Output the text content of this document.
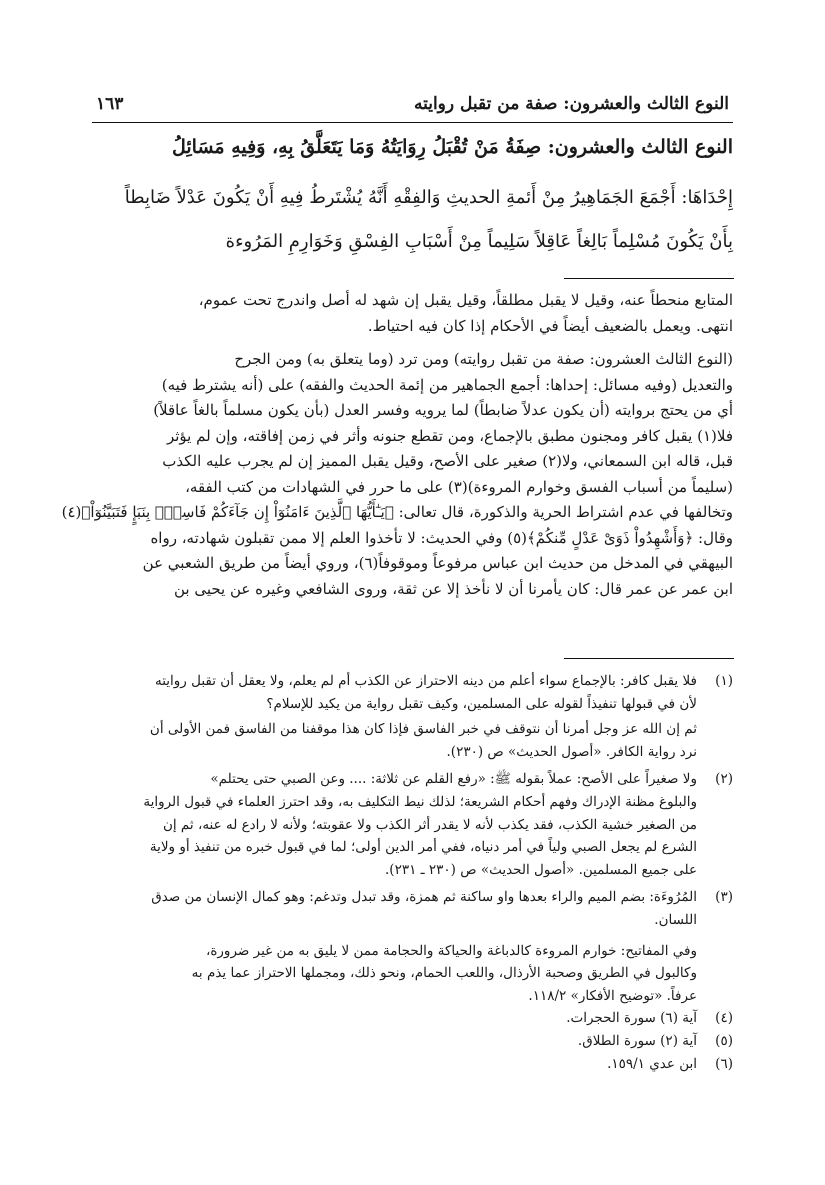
النوع الثالث والعشرون: صفة من تقبل روايته
١٦٣
النوع الثالث والعشرون: صِفَةُ مَنْ تُقْبَلُ رِوَايَتُهُ وَمَا يَتَعَلَّقُ بِهِ، وَفِيهِ مَسَائِلُ

إِحْدَاهَا: أَجْمَعَ الجَمَاهِيرُ مِنْ أَئمةِ الحديثِ وَالفِقْهِ أَنَّهُ يُشْتَرطُ فِيهِ أَنْ يَكُونَ عَدْلاً ضَابِطاً

بِأَنْ يَكُونَ مُسْلِماً بَالِغاً عَاقِلاً سَلِيماً مِنْ أَسْبَابِ الفِسْقِ وَخَوَارِمِ المَرُوءة

المتابع منحطاً عنه، وقيل لا يقبل مطلقاً، وقيل يقبل إن شهد له أصل واندرج تحت عموم،

انتهى. ويعمل بالضعيف أيضاً في الأحكام إذا كان فيه احتياط.

(النوع الثالث العشرون: صفة من تقبل روايته) ومن ترد (وما يتعلق به) ومن الجرح

والتعديل (وفيه مسائل: إحداها: أجمع الجماهير من إئمة الحديث والفقه) على (أنه يشترط فيه)

أي من يحتج بروايته (أن يكون عدلاً ضابطاً) لما يرويه وفسر العدل (بأن يكون مسلماً بالغاً عاقلاً)

فلا(١) يقبل كافر ومجنون مطبق بالإجماع، ومن تقطع جنونه وأثر في زمن إفاقته، وإن لم يؤثر

قبل، قاله ابن السمعاني، ولا(٢) صغير على الأصح، وقيل يقبل المميز إن لم يجرب عليه الكذب

(سليماً من أسباب الفسق وخوارم المروءة)(٣) على ما حرر في الشهادات من كتب الفقه،

وتخالفها في عدم اشتراط الحرية والذكورة، قال تعالى: ﴿يَـٰٓأَيُّهَا ٱلَّذِينَ ءَامَنُوٓاْ إِن جَآءَكُمْ فَاسِقُۢ بِنَبَإٍ فَتَبَيَّنُوٓاْ﴾(٤)

وقال: ﴿وَأَشْهِدُواْ ذَوَىْ عَدْلٍ مِّنكُمْ﴾(٥) وفي الحديث: لا تأخذوا العلم إلا ممن تقبلون شهادته، رواه

البيهقي في المدخل من حديث ابن عباس مرفوعاً وموقوفاً(٦)، وروي أيضاً من طريق الشعبي عن

ابن عمر عن عمر قال: كان يأمرنا أن لا نأخذ إلا عن ثقة، وروى الشافعي وغيره عن يحيى بن

(١)
فلا يقبل كافر: بالإجماع سواء أعلم من دينه الاحتراز عن الكذب أم لم يعلم، ولا يعقل أن تقبل روايته
لأن في قبولها تنفيذاً لقوله على المسلمين، وكيف تقبل رواية من يكيد للإسلام؟
ثم إن الله عز وجل أمرنا أن نتوقف في خبر الفاسق فإذا كان هذا موقفنا من الفاسق فمن الأولى أن
نرد رواية الكافر. «أصول الحديث» ص (٢٣٠).
(٢)
ولا صغيراً على الأصح: عملاً بقوله ﷺ: «رفع القلم عن ثلاثة: .... وعن الصبي حتى يحتلم»
والبلوغ مظنة الإدراك وفهم أحكام الشريعة؛ لذلك نيط التكليف به، وقد احترز العلماء في قبول الرواية
من الصغير خشية الكذب، فقد يكذب لأنه لا يقدر أثر الكذب ولا عقوبته؛ ولأنه لا رادع له عنه، ثم إن
الشرع لم يجعل الصبي ولياً في أمر دنياه، ففي أمر الدين أولى؛ لما في قبول خبره من تنفيذ أو ولاية
على جميع المسلمين. «أصول الحديث» ص (٢٣٠ ـ ٢٣١).
(٣)
المُرُوءَة: بضم الميم والراء بعدها واو ساكنة ثم همزة، وقد تبدل وتدغم: وهو كمال الإنسان من صدق
اللسان.
وفي المفاتيح: خوارم المروءة كالدباغة والحياكة والحجامة ممن لا يليق به من غير ضرورة،
وكالبول في الطريق وصحبة الأرذال، واللعب الحمام، ونحو ذلك، ومجملها الاحتراز عما يذم به
عرفاً. «توضيح الأفكار» ١١٨/٢.
(٤)
آية (٦) سورة الحجرات.
(٥)
آية (٢) سورة الطلاق.
(٦)
ابن عدي ١٥٩/١.
